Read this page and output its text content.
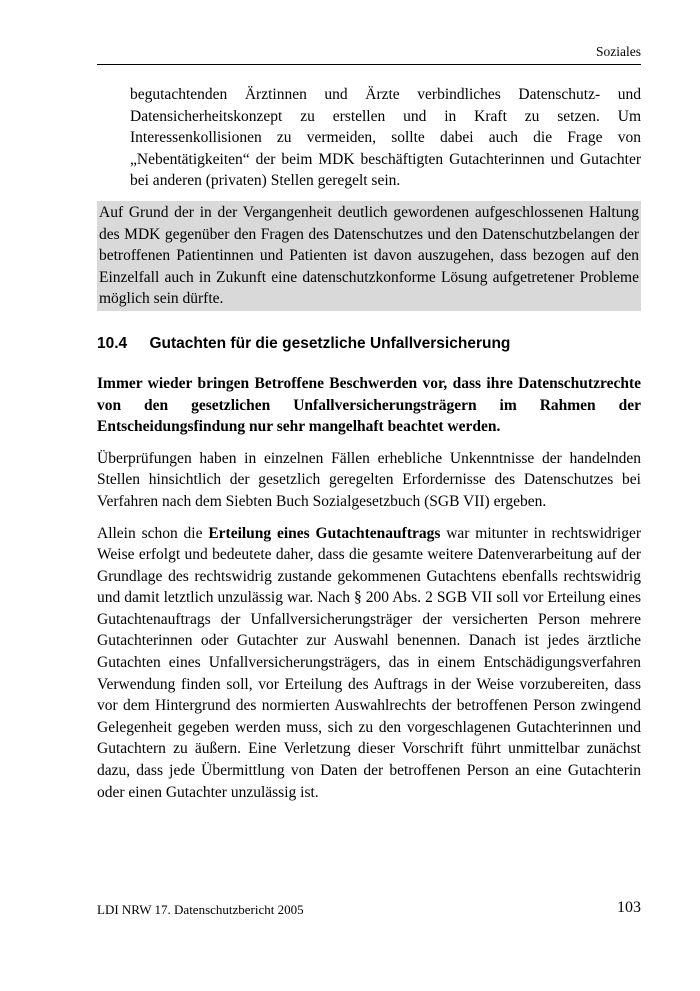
Soziales

begutachtenden Ärztinnen und Ärzte verbindliches Datenschutz- und Datensicherheitskonzept zu erstellen und in Kraft zu setzen. Um Interessenkollisionen zu vermeiden, sollte dabei auch die Frage von „Nebentätigkeiten“ der beim MDK beschäftigten Gutachterinnen und Gutachter bei anderen (privaten) Stellen geregelt sein.

Auf Grund der in der Vergangenheit deutlich gewordenen aufgeschlossenen Haltung des MDK gegenüber den Fragen des Datenschutzes und den Datenschutzbelangen der betroffenen Patientinnen und Patienten ist davon auszugehen, dass bezogen auf den Einzelfall auch in Zukunft eine datenschutzkonforme Lösung aufgetretener Probleme möglich sein dürfte.

10.4 Gutachten für die gesetzliche Unfallversicherung

Immer wieder bringen Betroffene Beschwerden vor, dass ihre Datenschutzrechte von den gesetzlichen Unfallversicherungsträgern im Rahmen der Entscheidungsfindung nur sehr mangelhaft beachtet werden.

Überprüfungen haben in einzelnen Fällen erhebliche Unkenntnisse der handelnden Stellen hinsichtlich der gesetzlich geregelten Erfordernisse des Datenschutzes bei Verfahren nach dem Siebten Buch Sozialgesetzbuch (SGB VII) ergeben.

Allein schon die Erteilung eines Gutachtenauftrags war mitunter in rechtswidriger Weise erfolgt und bedeutete daher, dass die gesamte weitere Datenverarbeitung auf der Grundlage des rechtswidrig zustande gekommenen Gutachtens ebenfalls rechtswidrig und damit letztlich unzulässig war. Nach § 200 Abs. 2 SGB VII soll vor Erteilung eines Gutachtenauftrags der Unfallversicherungsträger der versicherten Person mehrere Gutachterinnen oder Gutachter zur Auswahl benennen. Danach ist jedes ärztliche Gutachten eines Unfallversicherungsträgers, das in einem Entschädigungsverfahren Verwendung finden soll, vor Erteilung des Auftrags in der Weise vorzubereiten, dass vor dem Hintergrund des normierten Auswahlrechts der betroffenen Person zwingend Gelegenheit gegeben werden muss, sich zu den vorgeschlagenen Gutachterinnen und Gutachtern zu äußern. Eine Verletzung dieser Vorschrift führt unmittelbar zunächst dazu, dass jede Übermittlung von Daten der betroffenen Person an eine Gutachterin oder einen Gutachter unzulässig ist.

LDI NRW 17. Datenschutzbericht 2005	103
